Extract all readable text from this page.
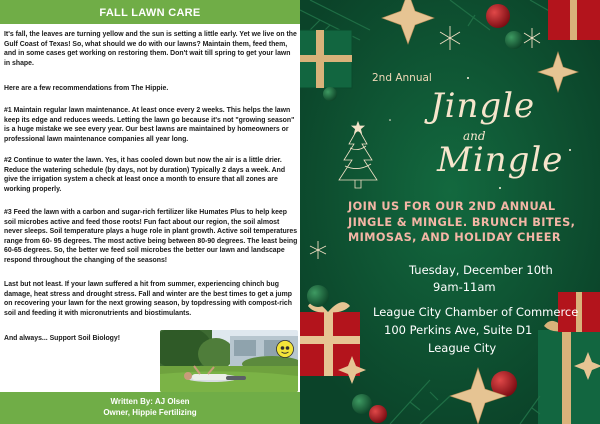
FALL LAWN CARE

It's fall, the leaves are turning yellow and the sun is setting a little early. Yet we live on the Gulf Coast of Texas! So, what should we do with our lawns? Maintain them, feed them, and in some cases get working on restoring them. Don't wait till spring to get your lawn in shape.

Here are a few recommendations from The Hippie.

#1 Maintain regular lawn maintenance. At least once every 2 weeks. This helps the lawn keep its edge and reduces weeds. Letting the lawn go because it's not "growing season" is a huge mistake we see every year. Our best lawns are maintained by homeowners or professional lawn maintenance companies all year long.

#2 Continue to water the lawn. Yes, it has cooled down but now the air is a little drier. Reduce the watering schedule (by days, not by duration) Typically 2 days a week. And give the irrigation system a check at least once a month to ensure that all zones are working properly.

#3 Feed the lawn with a carbon and sugar-rich fertilizer like Humates Plus to help keep soil microbes active and feed those roots! Fun fact about our region, the soil almost never sleeps. Soil temperature plays a huge role in plant growth. Active soil temperatures range from 60- 95 degrees. The most active being between 80-90 degrees. The least being 60-65 degrees. So, the better we feed soil microbes the better our lawn and landscape respond throughout the changing of the seasons!

Last but not least. If your lawn suffered a hit from summer, experiencing chinch bug damage, heat stress and drought stress. Fall and winter are the best times to get a jump on recovering your lawn for the next growing season, by topdressing with compost-rich soil and feeding it with micronutrients and biostimulants.

And always... Support Soil Biology!

Written By: AJ Olsen
Owner, Hippie Fertilizing
2nd Annual
Jingle
and
Mingle

JOIN US FOR OUR 2ND ANNUAL JINGLE & MINGLE. BRUNCH BITES, MIMOSAS, AND HOLIDAY CHEER

Tuesday, December 10th
9am-11am
League City Chamber of Commerce
100 Perkins Ave, Suite D1
League City
